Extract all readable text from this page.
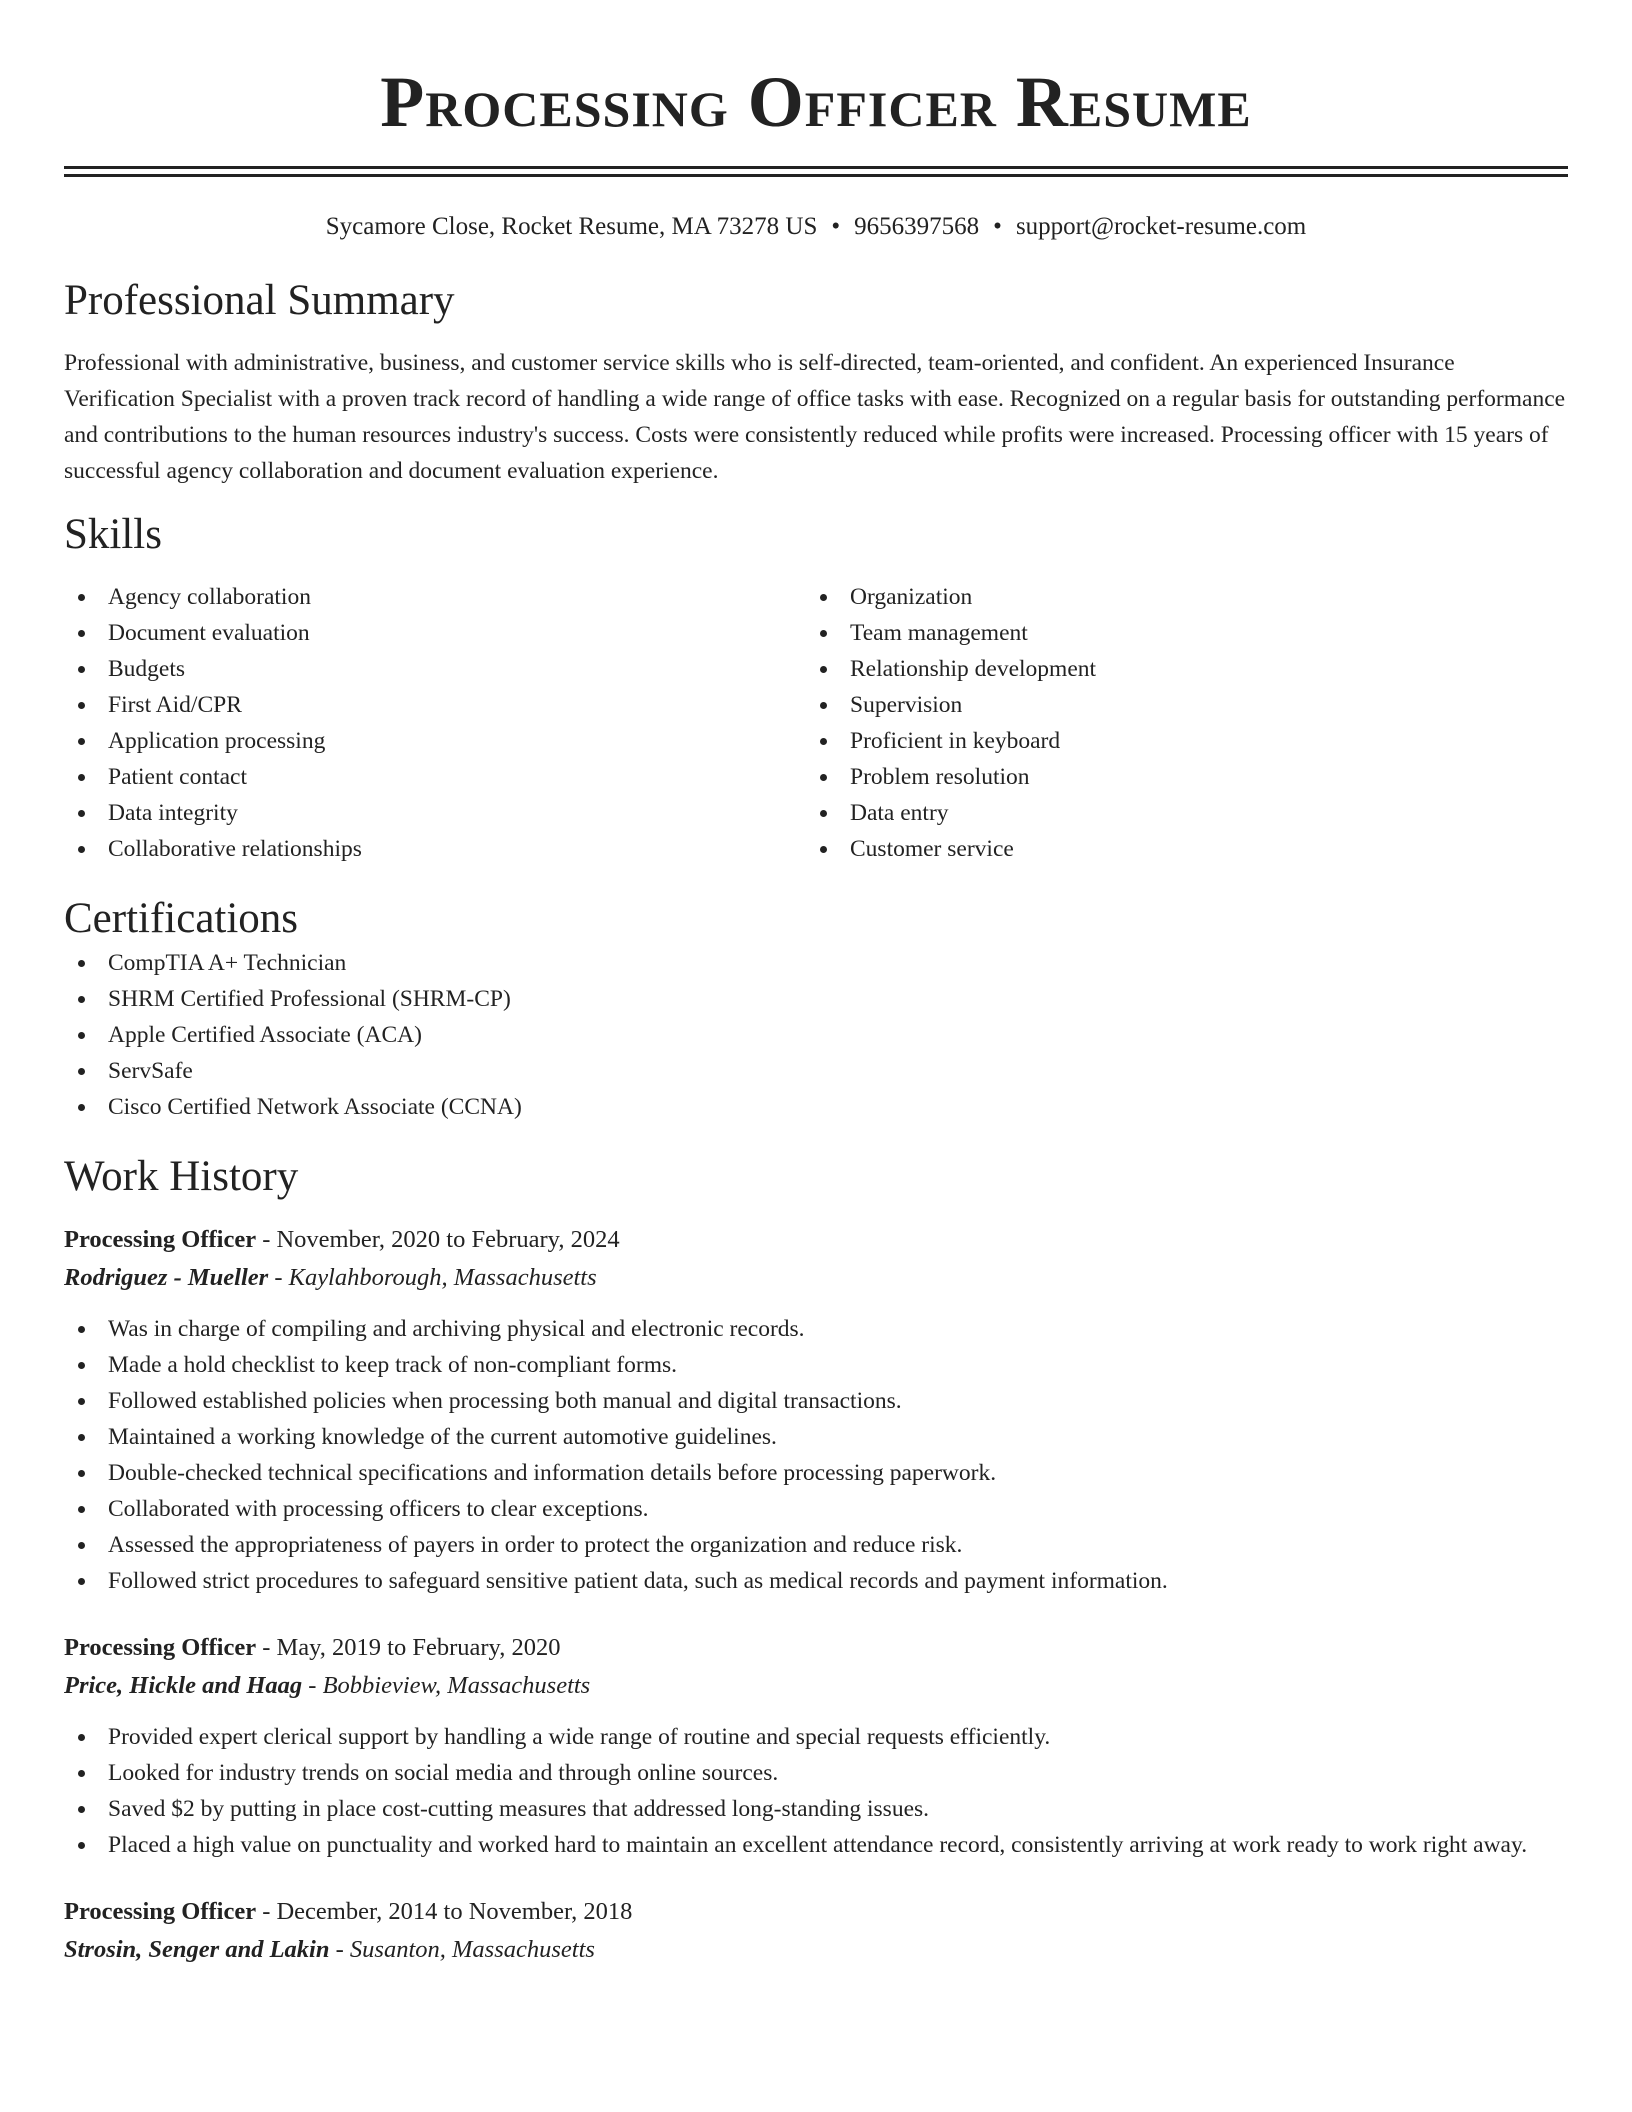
Processing Officer Resume
Sycamore Close, Rocket Resume, MA 73278 US • 9656397568 • support@rocket-resume.com
Professional Summary

Professional with administrative, business, and customer service skills who is self-directed, team-oriented, and confident. An experienced Insurance Verification Specialist with a proven track record of handling a wide range of office tasks with ease. Recognized on a regular basis for outstanding performance and contributions to the human resources industry's success. Costs were consistently reduced while profits were increased. Processing officer with 15 years of successful agency collaboration and document evaluation experience.

Skills
Agency collaboration
Document evaluation
Budgets
First Aid/CPR
Application processing
Patient contact
Data integrity
Collaborative relationships
Organization
Team management
Relationship development
Supervision
Proficient in keyboard
Problem resolution
Data entry
Customer service
Certifications
CompTIA A+ Technician
SHRM Certified Professional (SHRM-CP)
Apple Certified Associate (ACA)
ServSafe
Cisco Certified Network Associate (CCNA)
Work History
Processing Officer - November, 2020 to February, 2024
Rodriguez - Mueller - Kaylahborough, Massachusetts
Was in charge of compiling and archiving physical and electronic records.
Made a hold checklist to keep track of non-compliant forms.
Followed established policies when processing both manual and digital transactions.
Maintained a working knowledge of the current automotive guidelines.
Double-checked technical specifications and information details before processing paperwork.
Collaborated with processing officers to clear exceptions.
Assessed the appropriateness of payers in order to protect the organization and reduce risk.
Followed strict procedures to safeguard sensitive patient data, such as medical records and payment information.
Processing Officer - May, 2019 to February, 2020
Price, Hickle and Haag - Bobbieview, Massachusetts
Provided expert clerical support by handling a wide range of routine and special requests efficiently.
Looked for industry trends on social media and through online sources.
Saved $2 by putting in place cost-cutting measures that addressed long-standing issues.
Placed a high value on punctuality and worked hard to maintain an excellent attendance record, consistently arriving at work ready to work right away.
Processing Officer - December, 2014 to November, 2018
Strosin, Senger and Lakin - Susanton, Massachusetts
